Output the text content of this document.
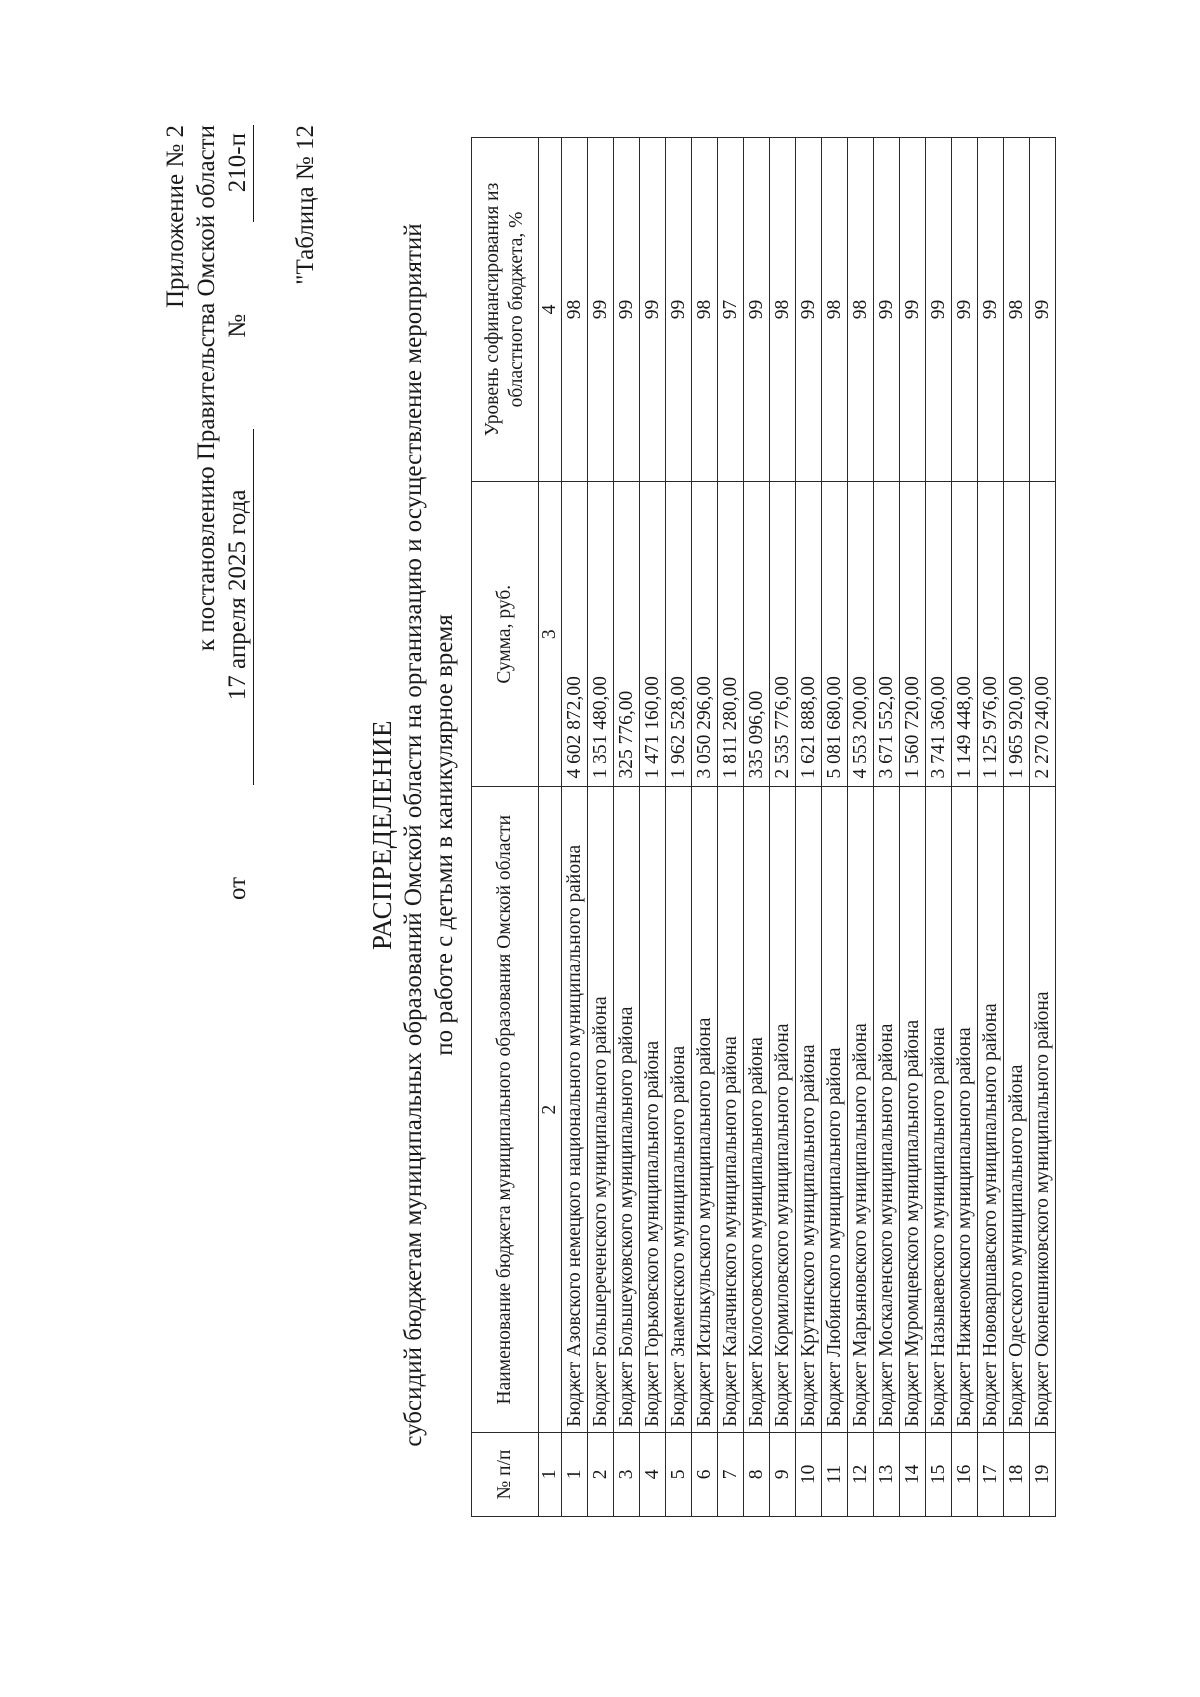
Приложение № 2 к постановлению Правительства Омской области
от
17 апреля 2025 года
№
210-п "Таблица № 12
РАСПРЕДЕЛЕНИЕ субсидий бюджетам муниципальных образований Омской области на организацию и осуществление мероприятий по работе с детьми в каникулярное время
№ п/п	Наименование бюджета муниципального образования Омской области	Сумма, руб.	Уровень софинансирования из областного бюджета, %
1	2	3	4
1	Бюджет Азовского немецкого национального муниципального района	4 602 872,00	98
2	Бюджет Большереченского муниципального района	1 351 480,00	99
3	Бюджет Большеуковского муниципального района	325 776,00	99
4	Бюджет Горьковского муниципального района	1 471 160,00	99
5	Бюджет Знаменского муниципального района	1 962 528,00	99
6	Бюджет Исилькульского муниципального района	3 050 296,00	98
7	Бюджет Калачинского муниципального района	1 811 280,00	97
8	Бюджет Колосовского муниципального района	335 096,00	99
9	Бюджет Кормиловского муниципального района	2 535 776,00	98
10	Бюджет Крутинского муниципального района	1 621 888,00	99
11	Бюджет Любинского муниципального района	5 081 680,00	98
12	Бюджет Марьяновского муниципального района	4 553 200,00	98
13	Бюджет Москаленского муниципального района	3 671 552,00	99
14	Бюджет Муромцевского муниципального района	1 560 720,00	99
15	Бюджет Называевского муниципального района	3 741 360,00	99
16	Бюджет Нижнеомского муниципального района	1 149 448,00	99
17	Бюджет Нововаршавского муниципального района	1 125 976,00	99
18	Бюджет Одесского муниципального района	1 965 920,00	98
19	Бюджет Оконешниковского муниципального района	2 270 240,00	99
